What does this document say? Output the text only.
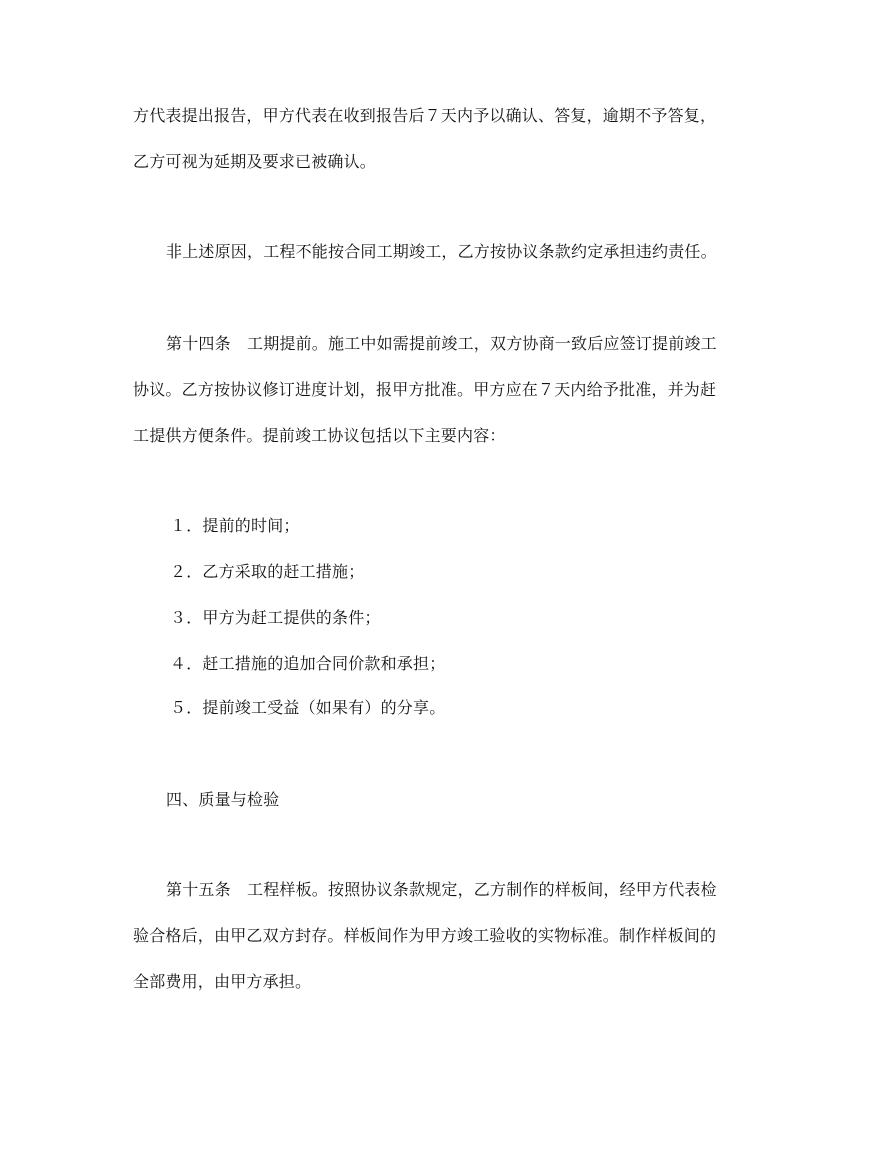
方代表提出报告，甲方代表在收到报告后７天内予以确认、答复，逾期不予答复，
乙方可视为延期及要求已被确认。
非上述原因，工程不能按合同工期竣工，乙方按协议条款约定承担违约责任。
第十四条　工期提前。施工中如需提前竣工，双方协商一致后应签订提前竣工
协议。乙方按协议修订进度计划，报甲方批准。甲方应在７天内给予批准，并为赶
工提供方便条件。提前竣工协议包括以下主要内容：
１．提前的时间；
２．乙方采取的赶工措施；
３．甲方为赶工提供的条件；
４．赶工措施的追加合同价款和承担；
５．提前竣工受益（如果有）的分享。
四、质量与检验
第十五条　工程样板。按照协议条款规定，乙方制作的样板间，经甲方代表检
验合格后，由甲乙双方封存。样板间作为甲方竣工验收的实物标准。制作样板间的
全部费用，由甲方承担。
